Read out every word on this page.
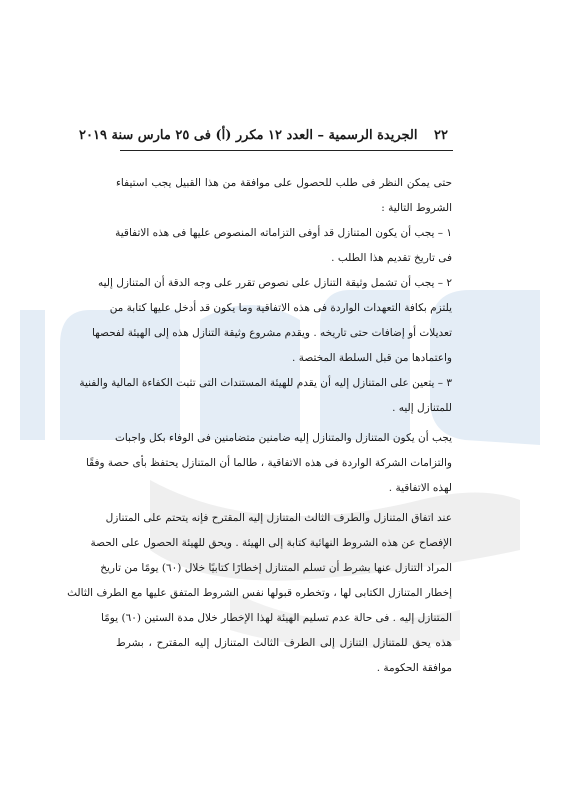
٢٢ الجريدة الرسمية – العدد ١٢ مكرر (أ) فى ٢٥ مارس سنة ٢٠١٩
حتى يمكن النظر فى طلب للحصول على موافقة من هذا القبيل يجب استيفاء
الشروط التالية :
١ – يجب أن يكون المتنازل قد أوفى التزاماته المنصوص عليها فى هذه الاتفاقية
فى تاريخ تقديم هذا الطلب .
٢ – يجب أن تشمل وثيقة التنازل على نصوص تقرر على وجه الدقة أن المتنازل إليه
يلتزم بكافة التعهدات الواردة فى هذه الاتفاقية وما يكون قد أدخل عليها كتابة من
تعديلات أو إضافات حتى تاريخه . ويقدم مشروع وثيقة التنازل هذه إلى الهيئة لفحصها
واعتمادها من قبل السلطة المختصة .
٣ – يتعين على المتنازل إليه أن يقدم للهيئة المستندات التى تثبت الكفاءة المالية والفنية
للمتنازل إليه .
يجب أن يكون المتنازل والمتنازل إليه ضامنين متضامنين فى الوفاء بكل واجبات
والتزامات الشركة الواردة فى هذه الاتفاقية ، طالما أن المتنازل يحتفظ بأى حصة وفقًا
لهذه الاتفاقية .
عند اتفاق المتنازل والطرف الثالث المتنازل إليه المقترح فإنه يتحتم على المتنازل
الإفصاح عن هذه الشروط النهائية كتابة إلى الهيئة . ويحق للهيئة الحصول على الحصة
المراد التنازل عنها بشرط أن تسلم المتنازل إخطارًا كتابيًا خلال (٦٠) يومًا من تاريخ
إخطار المتنازل الكتابى لها ، وتخطره قبولها نفس الشروط المتفق عليها مع الطرف الثالث
المتنازل إليه . فى حالة عدم تسليم الهيئة لهذا الإخطار خلال مدة الستين (٦٠) يومًا
هذه يحق للمتنازل التنازل إلى الطرف الثالث المتنازل إليه المقترح ، بشرط
موافقة الحكومة .
